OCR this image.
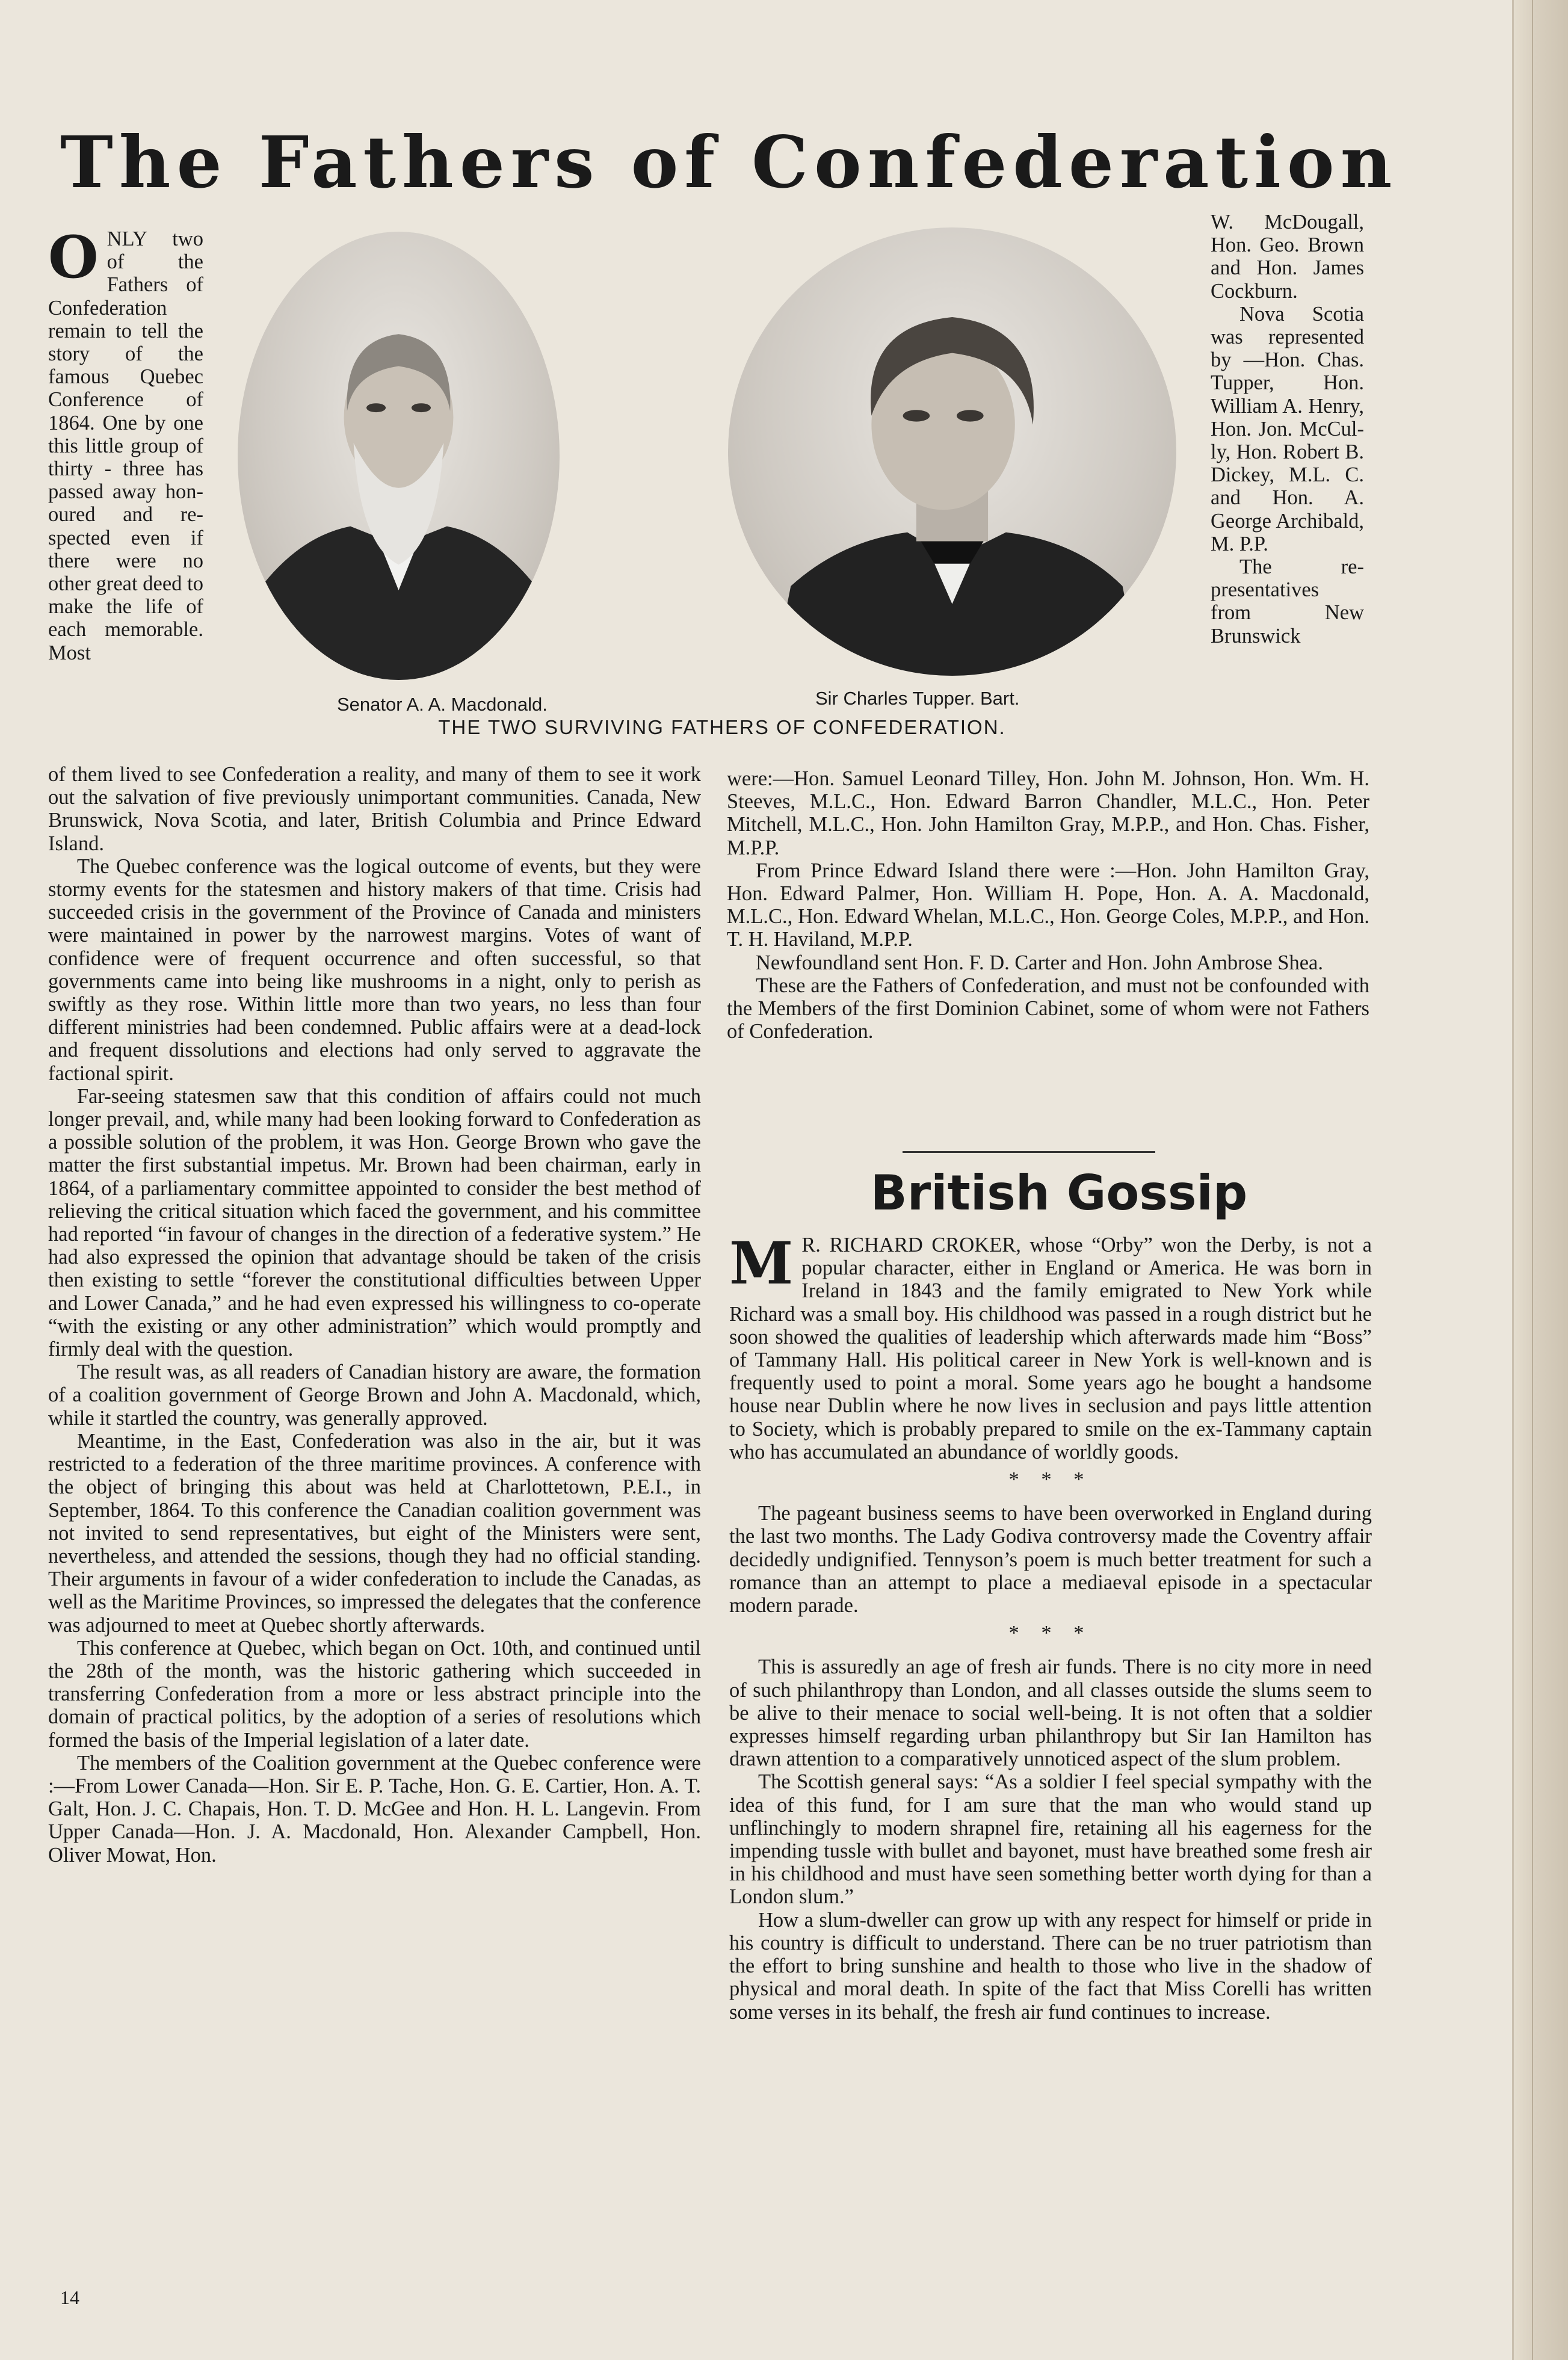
The Fathers of Confederation

ONLY two of the Fathers of Confederation remain to tell the story of the famous Quebec Conference of 1864. One by one this little group of thirty - three has passed away honoured and respected even if there were no other great deed to make the life of each memorable. Most

Senator A. A. Macdonald.	Sir Charles Tupper. Bart.
THE TWO SURVIVING FATHERS OF CONFEDERATION.

W. McDougall, Hon. Geo. Brown and Hon. James Cockburn.

Nova Scotia was represented by —Hon. Chas. Tupper, Hon. William A. Henry, Hon. Jon. McCully, Hon. Robert B. Dickey, M.L. C. and Hon. A. George Archibald, M. P.P.

The representatives from New Brunswick

of them lived to see Confederation a reality, and many of them to see it work out the salvation of five previously unimportant communities. Canada, New Brunswick, Nova Scotia, and later, British Columbia and Prince Edward Island.

The Quebec conference was the logical outcome of events, but they were stormy events for the statesmen and history makers of that time. Crisis had succeeded crisis in the government of the Province of Canada and ministers were maintained in power by the narrowest margins. Votes of want of confidence were of frequent occurrence and often successful, so that governments came into being like mushrooms in a night, only to perish as swiftly as they rose. Within little more than two years, no less than four different ministries had been condemned. Public affairs were at a dead-lock and frequent dissolutions and elections had only served to aggravate the factional spirit.

Far-seeing statesmen saw that this condition of affairs could not much longer prevail, and, while many had been looking forward to Confederation as a possible solution of the problem, it was Hon. George Brown who gave the matter the first substantial impetus. Mr. Brown had been chairman, early in 1864, of a parliamentary committee appointed to consider the best method of relieving the critical situation which faced the government, and his committee had reported “in favour of changes in the direction of a federative system.” He had also expressed the opinion that advantage should be taken of the crisis then existing to settle “forever the constitutional difficulties between Upper and Lower Canada,” and he had even expressed his willingness to co-operate “with the existing or any other administration” which would promptly and firmly deal with the question.

The result was, as all readers of Canadian history are aware, the formation of a coalition government of George Brown and John A. Macdonald, which, while it startled the country, was generally approved.

Meantime, in the East, Confederation was also in the air, but it was restricted to a federation of the three maritime provinces. A conference with the object of bringing this about was held at Charlottetown, P.E.I., in September, 1864. To this conference the Canadian coalition government was not invited to send representatives, but eight of the Ministers were sent, nevertheless, and attended the sessions, though they had no official standing. Their arguments in favour of a wider confederation to include the Canadas, as well as the Maritime Provinces, so impressed the delegates that the conference was adjourned to meet at Quebec shortly afterwards.

This conference at Quebec, which began on Oct. 10th, and continued until the 28th of the month, was the historic gathering which succeeded in transferring Confederation from a more or less abstract principle into the domain of practical politics, by the adoption of a series of resolutions which formed the basis of the Imperial legislation of a later date.

The members of the Coalition government at the Quebec conference were :—From Lower Canada—Hon. Sir E. P. Tache, Hon. G. E. Cartier, Hon. A. T. Galt, Hon. J. C. Chapais, Hon. T. D. McGee and Hon. H. L. Langevin. From Upper Canada—Hon. J. A. Macdonald, Hon. Alexander Campbell, Hon. Oliver Mowat, Hon.

were:—Hon. Samuel Leonard Tilley, Hon. John M. Johnson, Hon. Wm. H. Steeves, M.L.C., Hon. Edward Barron Chandler, M.L.C., Hon. Peter Mitchell, M.L.C., Hon. John Hamilton Gray, M.P.P., and Hon. Chas. Fisher, M.P.P.

From Prince Edward Island there were :—Hon. John Hamilton Gray, Hon. Edward Palmer, Hon. William H. Pope, Hon. A. A. Macdonald, M.L.C., Hon. Edward Whelan, M.L.C., Hon. George Coles, M.P.P., and Hon. T. H. Haviland, M.P.P.

Newfoundland sent Hon. F. D. Carter and Hon. John Ambrose Shea.

These are the Fathers of Confederation, and must not be confounded with the Members of the first Dominion Cabinet, some of whom were not Fathers of Confederation.

British Gossip

M R. RICHARD CROKER, whose “Orby” won the Derby, is not a popular character, either in England or America. He was born in Ireland in 1843 and the family emigrated to New York while Richard was a small boy. His childhood was passed in a rough district but he soon showed the qualities of leadership which afterwards made him “Boss” of Tammany Hall. His political career in New York is well-known and is frequently used to point a moral. Some years ago he bought a handsome house near Dublin where he now lives in seclusion and pays little attention to Society, which is probably prepared to smile on the ex-Tammany captain who has accumulated an abundance of worldly goods.

* * *

The pageant business seems to have been overworked in England during the last two months. The Lady Godiva controversy made the Coventry affair decidedly undignified. Tennyson’s poem is much better treatment for such a romance than an attempt to place a mediaeval episode in a spectacular modern parade.

* * *

This is assuredly an age of fresh air funds. There is no city more in need of such philanthropy than London, and all classes outside the slums seem to be alive to their menace to social well-being. It is not often that a soldier expresses himself regarding urban philanthropy but Sir Ian Hamilton has drawn attention to a comparatively unnoticed aspect of the slum problem.

The Scottish general says: “As a soldier I feel special sympathy with the idea of this fund, for I am sure that the man who would stand up unflinchingly to modern shrapnel fire, retaining all his eagerness for the impending tussle with bullet and bayonet, must have breathed some fresh air in his childhood and must have seen something better worth dying for than a London slum.”

How a slum-dweller can grow up with any respect for himself or pride in his country is difficult to understand. There can be no truer patriotism than the effort to bring sunshine and health to those who live in the shadow of physical and moral death. In spite of the fact that Miss Corelli has written some verses in its behalf, the fresh air fund continues to increase.

14
